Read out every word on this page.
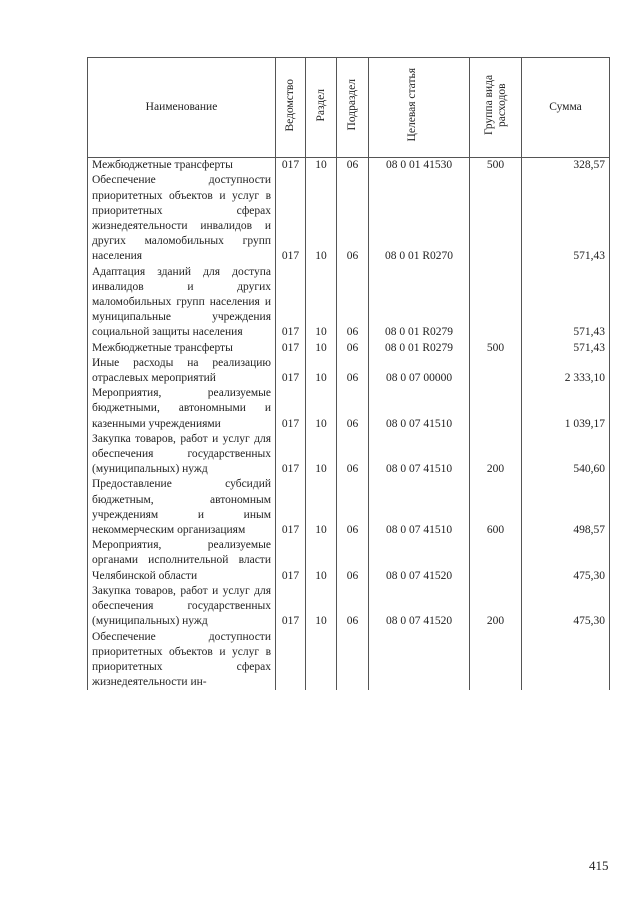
Наименование	Ведомство	Раздел	Подраздел	Целевая статья	Группа вида расходов	Сумма
Межбюджетные трансферты	017	10	06	08 0 01 41530	500	328,57
Обеспечение доступности приоритетных объектов и услуг в приоритетных сферах жизнедеятельности инвалидов и других маломобильных групп населения	017	10	06	08 0 01 R0270		571,43
Адаптация зданий для доступа инвалидов и других маломобильных групп населения и муниципальные учреждения социальной защиты населения	017	10	06	08 0 01 R0279		571,43
Межбюджетные трансферты	017	10	06	08 0 01 R0279	500	571,43
Иные расходы на реализацию отраслевых мероприятий	017	10	06	08 0 07 00000		2 333,10
Мероприятия, реализуемые бюджетными, автономными и казенными учреждениями	017	10	06	08 0 07 41510		1 039,17
Закупка товаров, работ и услуг для обеспечения государственных (муниципальных) нужд	017	10	06	08 0 07 41510	200	540,60
Предоставление субсидий бюджетным, автономным учреждениям и иным некоммерческим организациям	017	10	06	08 0 07 41510	600	498,57
Мероприятия, реализуемые органами исполнительной власти Челябинской области	017	10	06	08 0 07 41520		475,30
Закупка товаров, работ и услуг для обеспечения государственных (муниципальных) нужд	017	10	06	08 0 07 41520	200	475,30
Обеспечение доступности приоритетных объектов и услуг в приоритетных сферах жизнедеятельности ин-						
415
